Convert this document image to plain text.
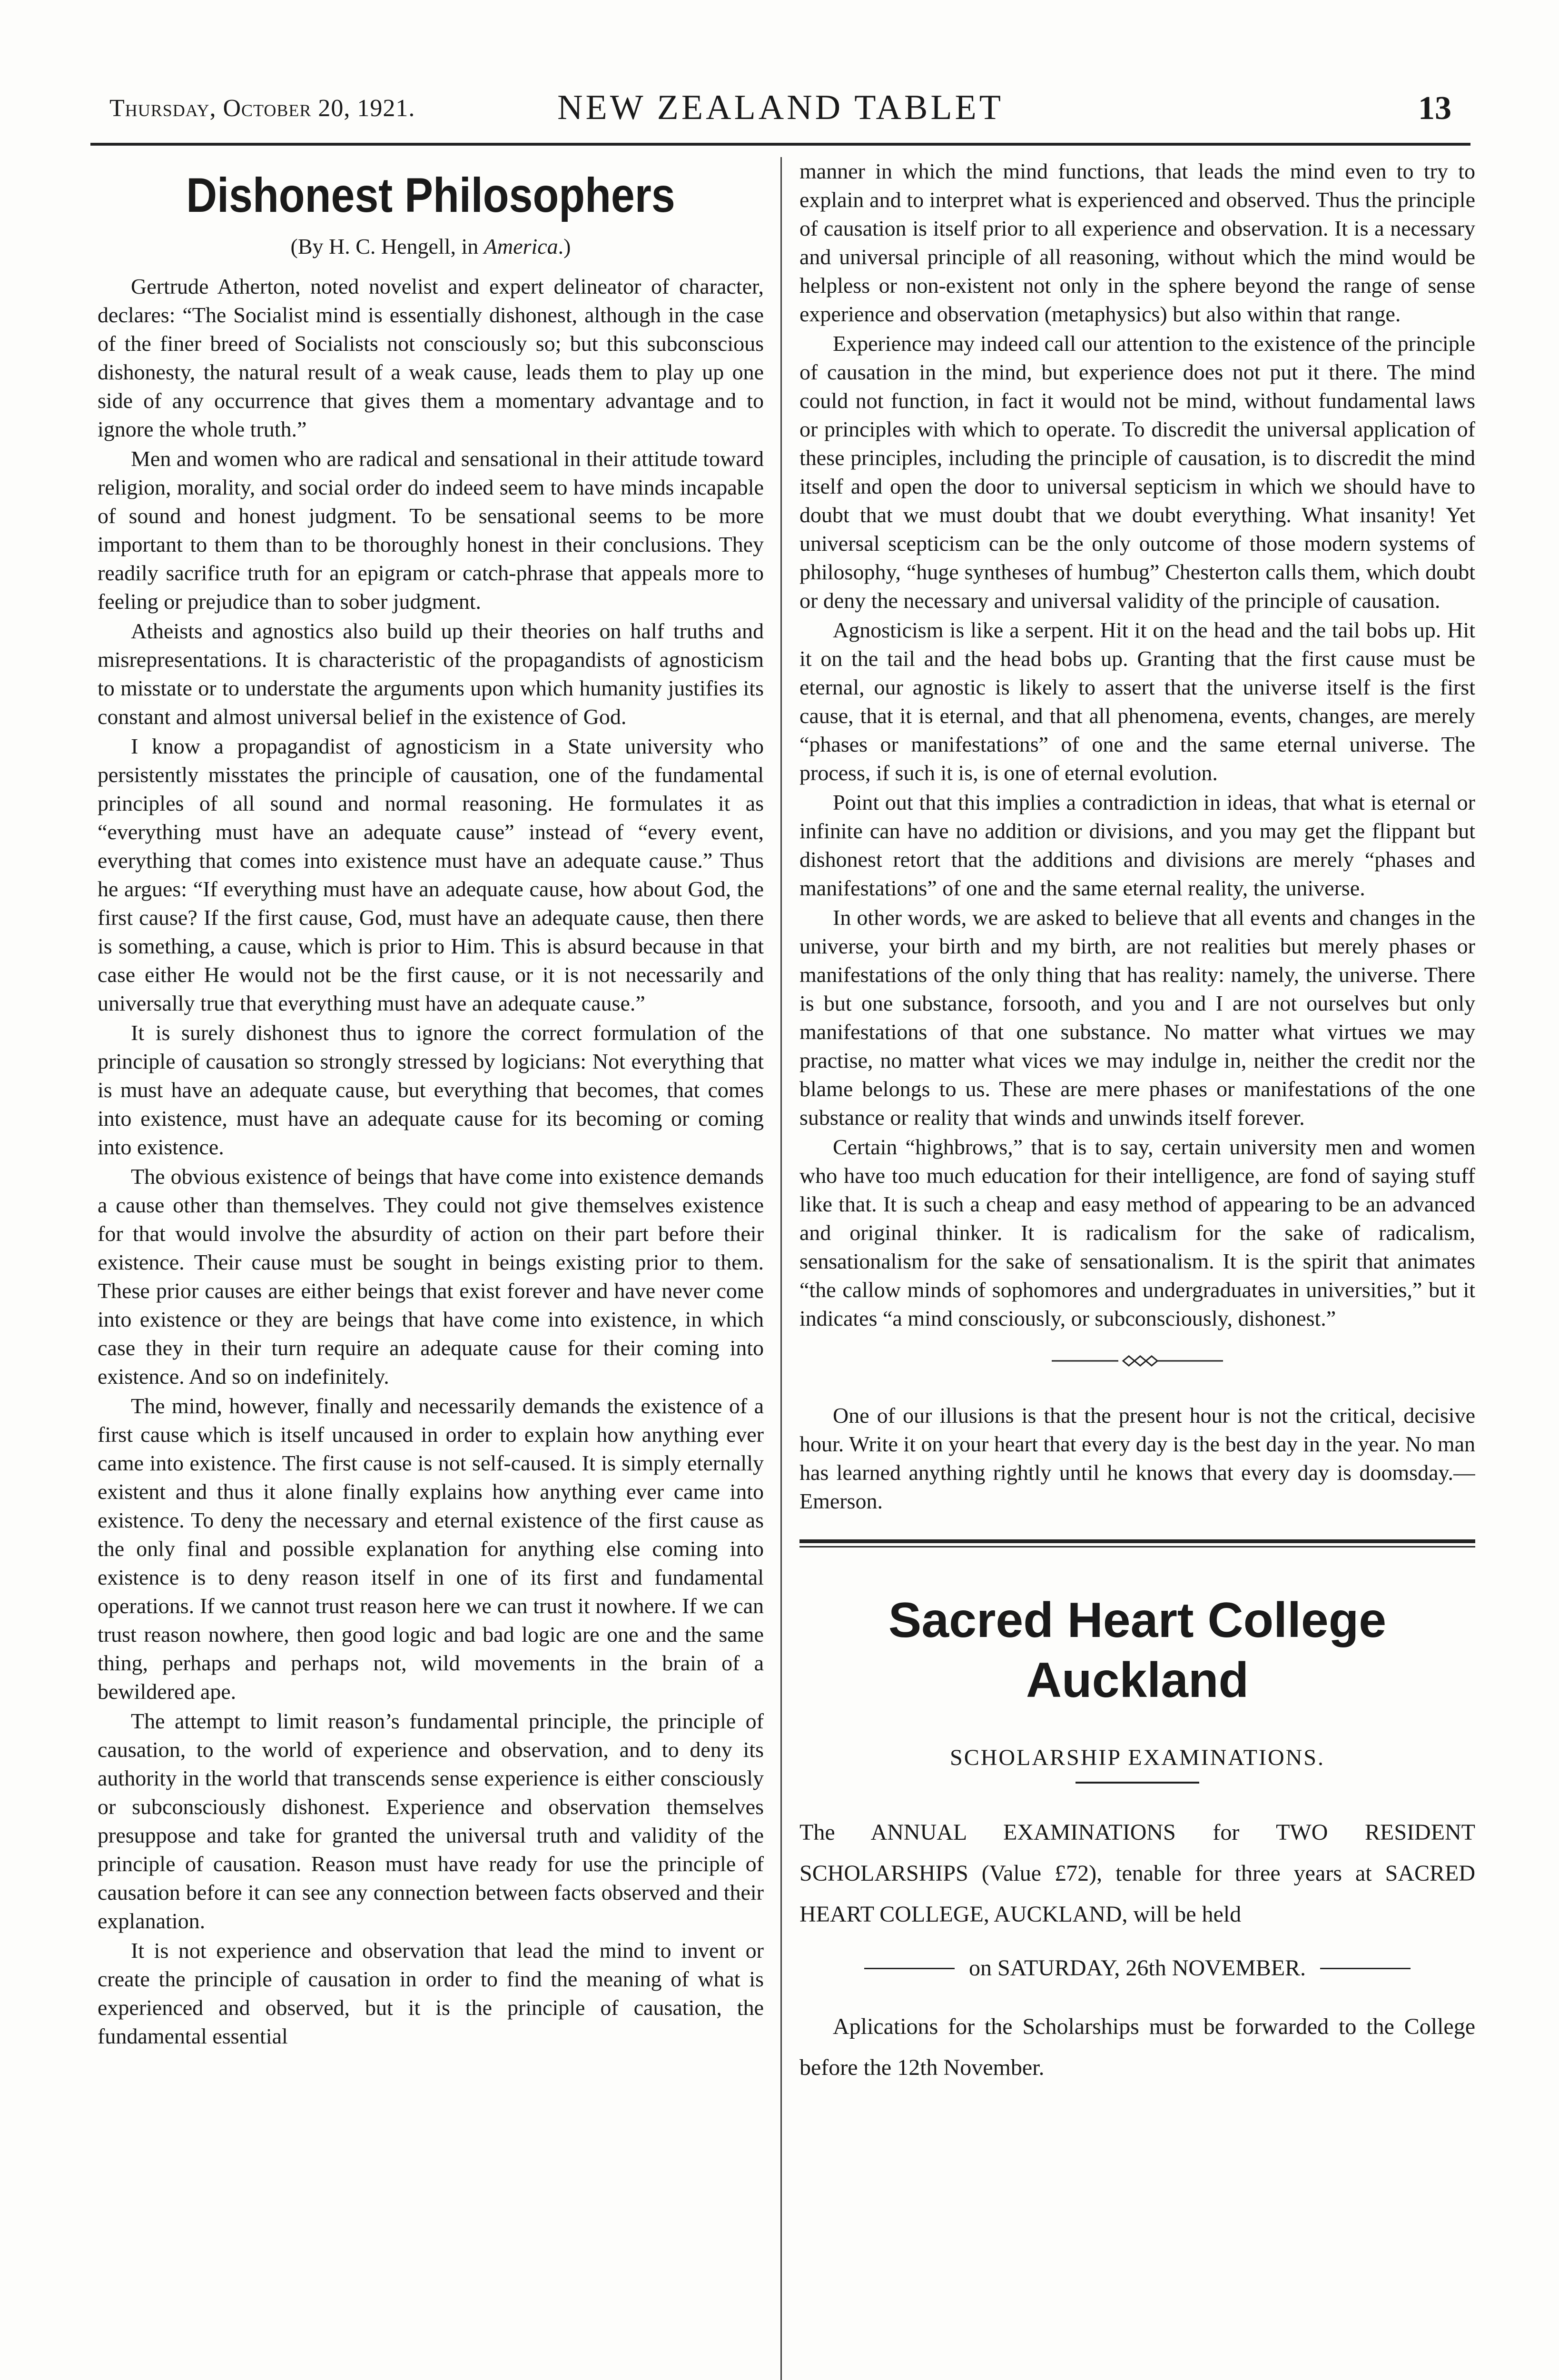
Thursday, October 20, 1921.	NEW ZEALAND TABLET	13
Dishonest Philosophers
(By H. C. Hengell, in America.)

Gertrude Atherton, noted novelist and expert delineator of character, declares: “The Socialist mind is essentially dishonest, although in the case of the finer breed of Socialists not consciously so; but this subconscious dishonesty, the natural result of a weak cause, leads them to play up one side of any occurrence that gives them a momentary advantage and to ignore the whole truth.”

Men and women who are radical and sensational in their attitude toward religion, morality, and social order do indeed seem to have minds incapable of sound and honest judgment. To be sensational seems to be more important to them than to be thoroughly honest in their conclusions. They readily sacrifice truth for an epigram or catch-phrase that appeals more to feeling or prejudice than to sober judgment.

Atheists and agnostics also build up their theories on half truths and misrepresentations. It is characteristic of the propagandists of agnosticism to misstate or to understate the arguments upon which humanity justifies its constant and almost universal belief in the existence of God.

I know a propagandist of agnosticism in a State university who persistently misstates the principle of causation, one of the fundamental principles of all sound and normal reasoning. He formulates it as “everything must have an adequate cause” instead of “every event, everything that comes into existence must have an adequate cause.” Thus he argues: “If everything must have an adequate cause, how about God, the first cause? If the first cause, God, must have an adequate cause, then there is something, a cause, which is prior to Him. This is absurd because in that case either He would not be the first cause, or it is not necessarily and universally true that everything must have an adequate cause.”

It is surely dishonest thus to ignore the correct formulation of the principle of causation so strongly stressed by logicians: Not everything that is must have an adequate cause, but everything that becomes, that comes into existence, must have an adequate cause for its becoming or coming into existence.

The obvious existence of beings that have come into existence demands a cause other than themselves. They could not give themselves existence for that would involve the absurdity of action on their part before their existence. Their cause must be sought in beings existing prior to them. These prior causes are either beings that exist forever and have never come into existence or they are beings that have come into existence, in which case they in their turn require an adequate cause for their coming into existence. And so on indefinitely.

The mind, however, finally and necessarily demands the existence of a first cause which is itself uncaused in order to explain how anything ever came into existence. The first cause is not self-caused. It is simply eternally existent and thus it alone finally explains how anything ever came into existence. To deny the necessary and eternal existence of the first cause as the only final and possible explanation for anything else coming into existence is to deny reason itself in one of its first and fundamental operations. If we cannot trust reason here we can trust it nowhere. If we can trust reason nowhere, then good logic and bad logic are one and the same thing, perhaps and perhaps not, wild movements in the brain of a bewildered ape.

The attempt to limit reason’s fundamental principle, the principle of causation, to the world of experience and observation, and to deny its authority in the world that transcends sense experience is either consciously or subconsciously dishonest. Experience and observation themselves presuppose and take for granted the universal truth and validity of the principle of causation. Reason must have ready for use the principle of causation before it can see any connection between facts observed and their explanation.

It is not experience and observation that lead the mind to invent or create the principle of causation in order to find the meaning of what is experienced and observed, but it is the principle of causation, the fundamental essential

manner in which the mind functions, that leads the mind even to try to explain and to interpret what is experienced and observed. Thus the principle of causation is itself prior to all experience and observation. It is a necessary and universal principle of all reasoning, without which the mind would be helpless or non-existent not only in the sphere beyond the range of sense experience and observation (metaphysics) but also within that range.

Experience may indeed call our attention to the existence of the principle of causation in the mind, but experience does not put it there. The mind could not function, in fact it would not be mind, without fundamental laws or principles with which to operate. To discredit the universal application of these principles, including the principle of causation, is to discredit the mind itself and open the door to universal septicism in which we should have to doubt that we must doubt that we doubt everything. What insanity! Yet universal scepticism can be the only outcome of those modern systems of philosophy, “huge syntheses of humbug” Chesterton calls them, which doubt or deny the necessary and universal validity of the principle of causation.

Agnosticism is like a serpent. Hit it on the head and the tail bobs up. Hit it on the tail and the head bobs up. Granting that the first cause must be eternal, our agnostic is likely to assert that the universe itself is the first cause, that it is eternal, and that all phenomena, events, changes, are merely “phases or manifestations” of one and the same eternal universe. The process, if such it is, is one of eternal evolution.

Point out that this implies a contradiction in ideas, that what is eternal or infinite can have no addition or divisions, and you may get the flippant but dishonest retort that the additions and divisions are merely “phases and manifestations” of one and the same eternal reality, the universe.

In other words, we are asked to believe that all events and changes in the universe, your birth and my birth, are not realities but merely phases or manifestations of the only thing that has reality: namely, the universe. There is but one substance, forsooth, and you and I are not ourselves but only manifestations of that one substance. No matter what virtues we may practise, no matter what vices we may indulge in, neither the credit nor the blame belongs to us. These are mere phases or manifestations of the one substance or reality that winds and unwinds itself forever.

Certain “highbrows,” that is to say, certain university men and women who have too much education for their intelligence, are fond of saying stuff like that. It is such a cheap and easy method of appearing to be an advanced and original thinker. It is radicalism for the sake of radicalism, sensationalism for the sake of sensationalism. It is the spirit that animates “the callow minds of sophomores and undergraduates in universities,” but it indicates “a mind consciously, or subconsciously, dishonest.”

One of our illusions is that the present hour is not the critical, decisive hour. Write it on your heart that every day is the best day in the year. No man has learned anything rightly until he knows that every day is doomsday.—Emerson.

Sacred Heart College
Auckland
SCHOLARSHIP EXAMINATIONS.

The ANNUAL EXAMINATIONS for TWO RESIDENT SCHOLARSHIPS (Value £72), tenable for three years at SACRED HEART COLLEGE, AUCKLAND, will be held

on SATURDAY, 26th NOVEMBER.

Aplications for the Scholarships must be forwarded to the College before the 12th November.
